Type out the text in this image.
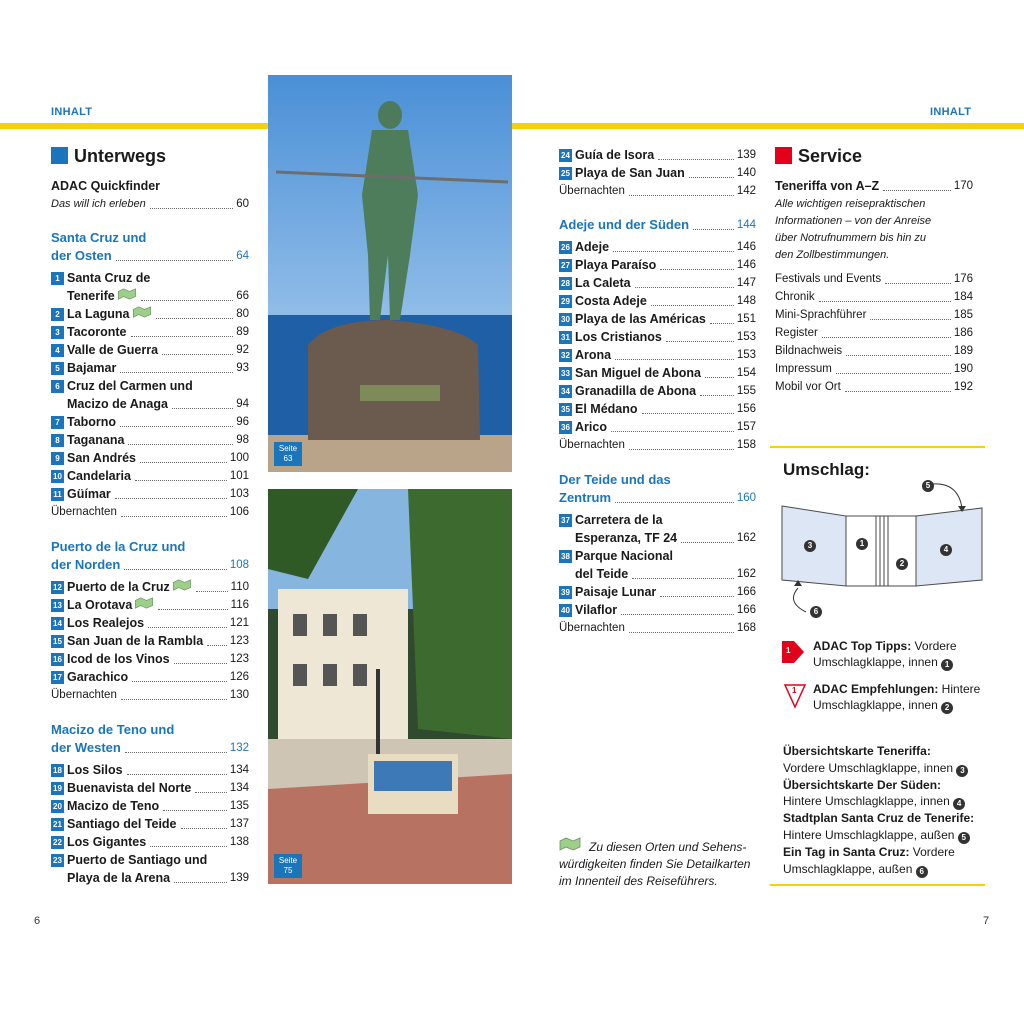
INHALT	INHALT
Unterwegs
ADAC Quickfinder
Das will ich erleben	60
Santa Cruz und
der Osten	64
1 Santa Cruz de
Tenerife	66
2 La Laguna	80
3 Tacoronte	89
4 Valle de Guerra	92
5 Bajamar	93
6 Cruz del Carmen und
Macizo de Anaga	94
7 Taborno	96
8 Taganana	98
9 San Andrés	100
10 Candelaria	101
11 Güímar	103
Übernachten	106
Puerto de la Cruz und
der Norden	108
12 Puerto de la Cruz	110
13 La Orotava	116
14 Los Realejos	121
15 San Juan de la Rambla 123
16 Icod de los Vinos	123
17 Garachico	126
Übernachten	130
Macizo de Teno und
der Westen	132
18 Los Silos	134
19 Buenavista del Norte	134
20 Macizo de Teno	135
21 Santiago del Teide	137
22 Los Gigantes	138
23 Puerto de Santiago und
Playa de la Arena	139
Seite
63
Seite
75
24 Guía de Isora	139
25 Playa de San Juan	140
Übernachten	142
Adeje und der Süden	144
26 Adeje	146
27 Playa Paraíso	146
28 La Caleta	147
29 Costa Adeje	148
30 Playa de las Américas	151
31 Los Cristianos	153
32 Arona	153
33 San Miguel de Abona	154
34 Granadilla de Abona	155
35 El Médano	156
36 Arico	157
Übernachten	158
Der Teide und das
Zentrum	160
37 Carretera de la
Esperanza, TF 24	162
38 Parque Nacional
del Teide	162
39 Paisaje Lunar	166
40 Vilaflor	166
Übernachten	168
Service
Teneriffa von A–Z	170
Alle wichtigen reisepraktischen
Informationen – von der Anreise
über Notrufnummern bis hin zu
den Zollbestimmungen.
Festivals und Events	176
Chronik	184
Mini-Sprachführer	185
Register	186
Bildnachweis	189
Impressum	190
Mobil vor Ort	192
Umschlag:
5
3	1
2
4
6
1 ADAC Top Tipps: Vordere
Umschlagklappe, innen 1
1 ADAC Empfehlungen: Hintere
Umschlagklappe, innen 2
Übersichtskarte Teneriffa:
Vordere Umschlagklappe, innen 3
Übersichtskarte Der Süden:
Hintere Umschlagklappe, innen 4
Stadtplan Santa Cruz de Tenerife:
Hintere Umschlagklappe, außen 5
Ein Tag in Santa Cruz: Vordere
Umschlagklappe, außen 6
Zu diesen Orten und Sehens-
würdigkeiten finden Sie Detailkarten
im Innenteil des Reiseführers.
6	7
